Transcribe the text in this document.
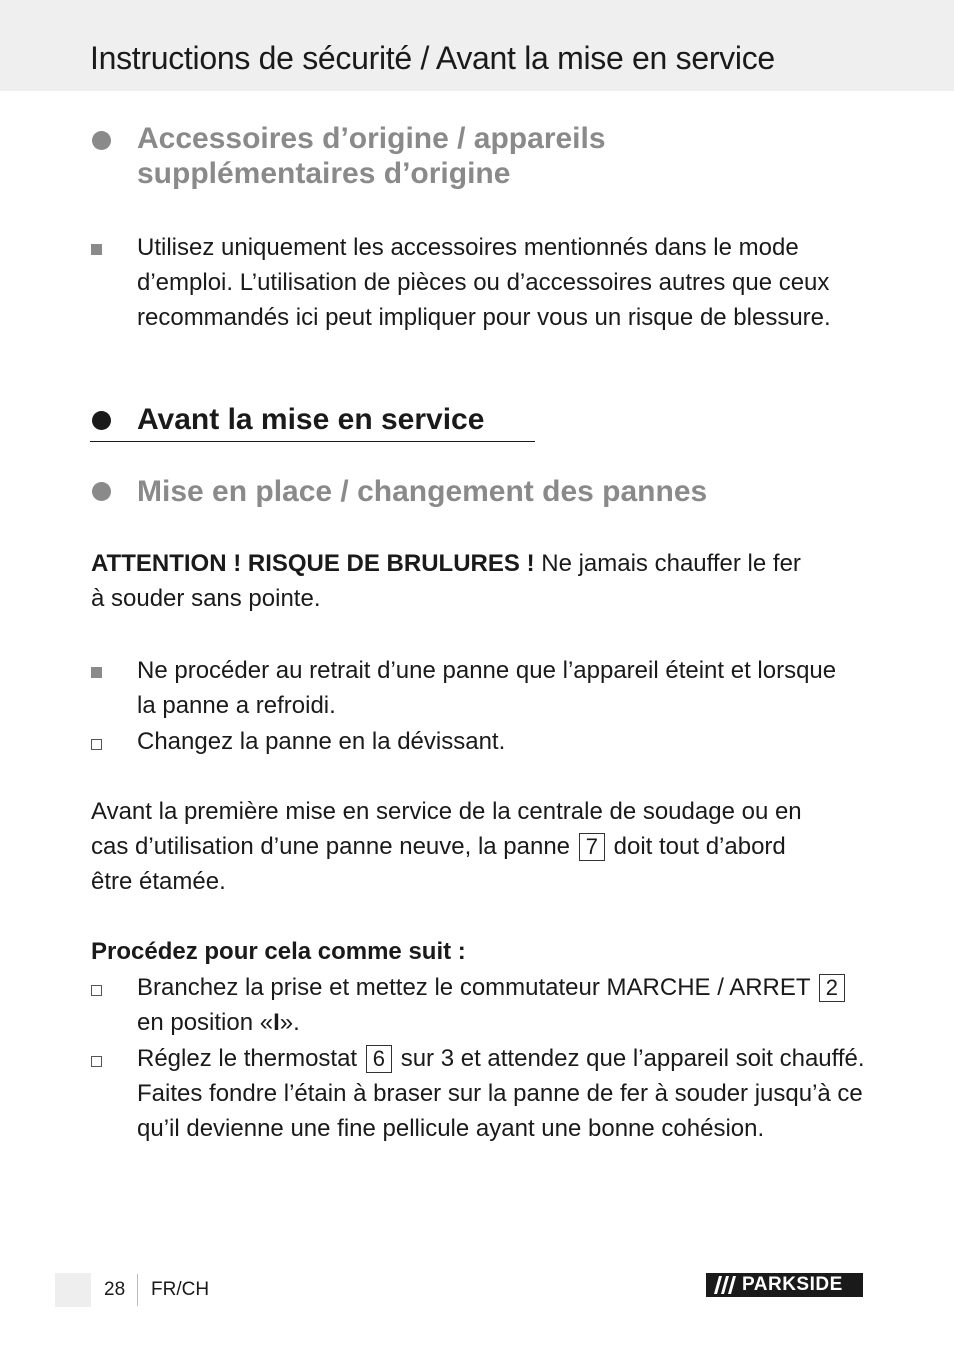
Instructions de sécurité / Avant la mise en service
Accessoires d’origine / appareils
supplémentaires d’origine
Utilisez uniquement les accessoires mentionnés dans le mode
d’emploi. L’utilisation de pièces ou d’accessoires autres que ceux
recommandés ici peut impliquer pour vous un risque de blessure.
Avant la mise en service
Mise en place / changement des pannes
ATTENTION ! RISQUE DE BRULURES ! Ne jamais chauffer le fer
à souder sans pointe.
Ne procéder au retrait d’une panne que l’appareil éteint et lorsque
la panne a refroidi.
Changez la panne en la dévissant.
Avant la première mise en service de la centrale de soudage ou en
cas d’utilisation d’une panne neuve, la panne 7 doit tout d’abord
être étamée.
Procédez pour cela comme suit :
Branchez la prise et mettez le commutateur MARCHE / ARRET 2
en position «I».
Réglez le thermostat 6 sur 3 et attendez que l’appareil soit chauffé.
Faites fondre l’étain à braser sur la panne de fer à souder jusqu’à ce
qu’il devienne une fine pellicule ayant une bonne cohésion.
28 FR/CH	PARKSIDE
